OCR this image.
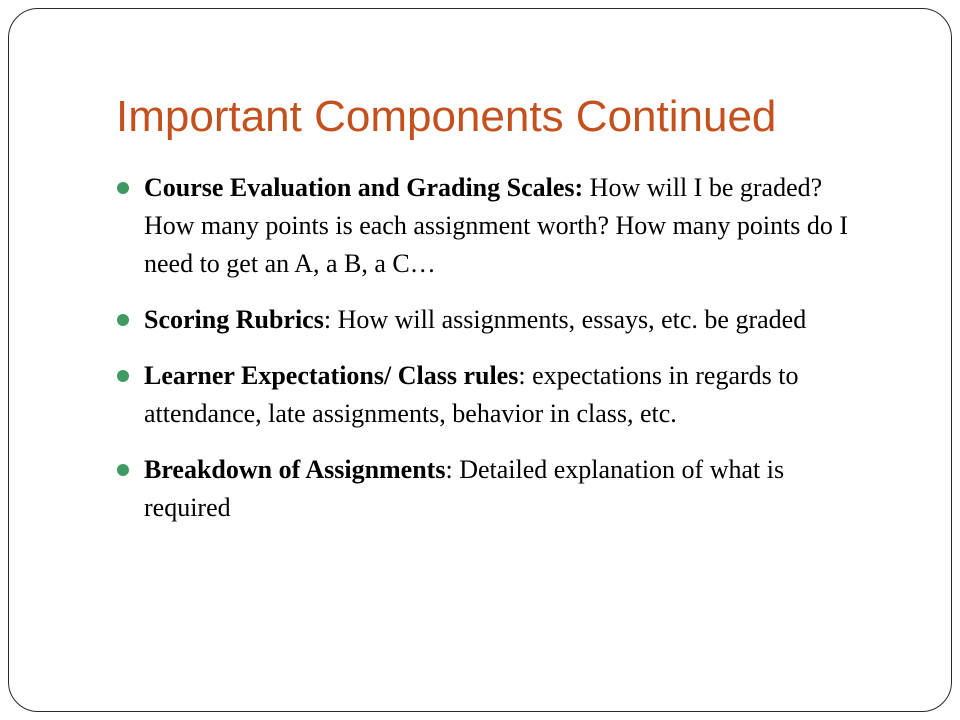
Important Components Continued
Course Evaluation and Grading Scales: How will I be graded? How many points is each assignment worth? How many points do I need to get an A, a B, a C…
Scoring Rubrics: How will assignments, essays, etc. be graded
Learner Expectations/ Class rules: expectations in regards to attendance, late assignments, behavior in class, etc.
Breakdown of Assignments: Detailed explanation of what is required
